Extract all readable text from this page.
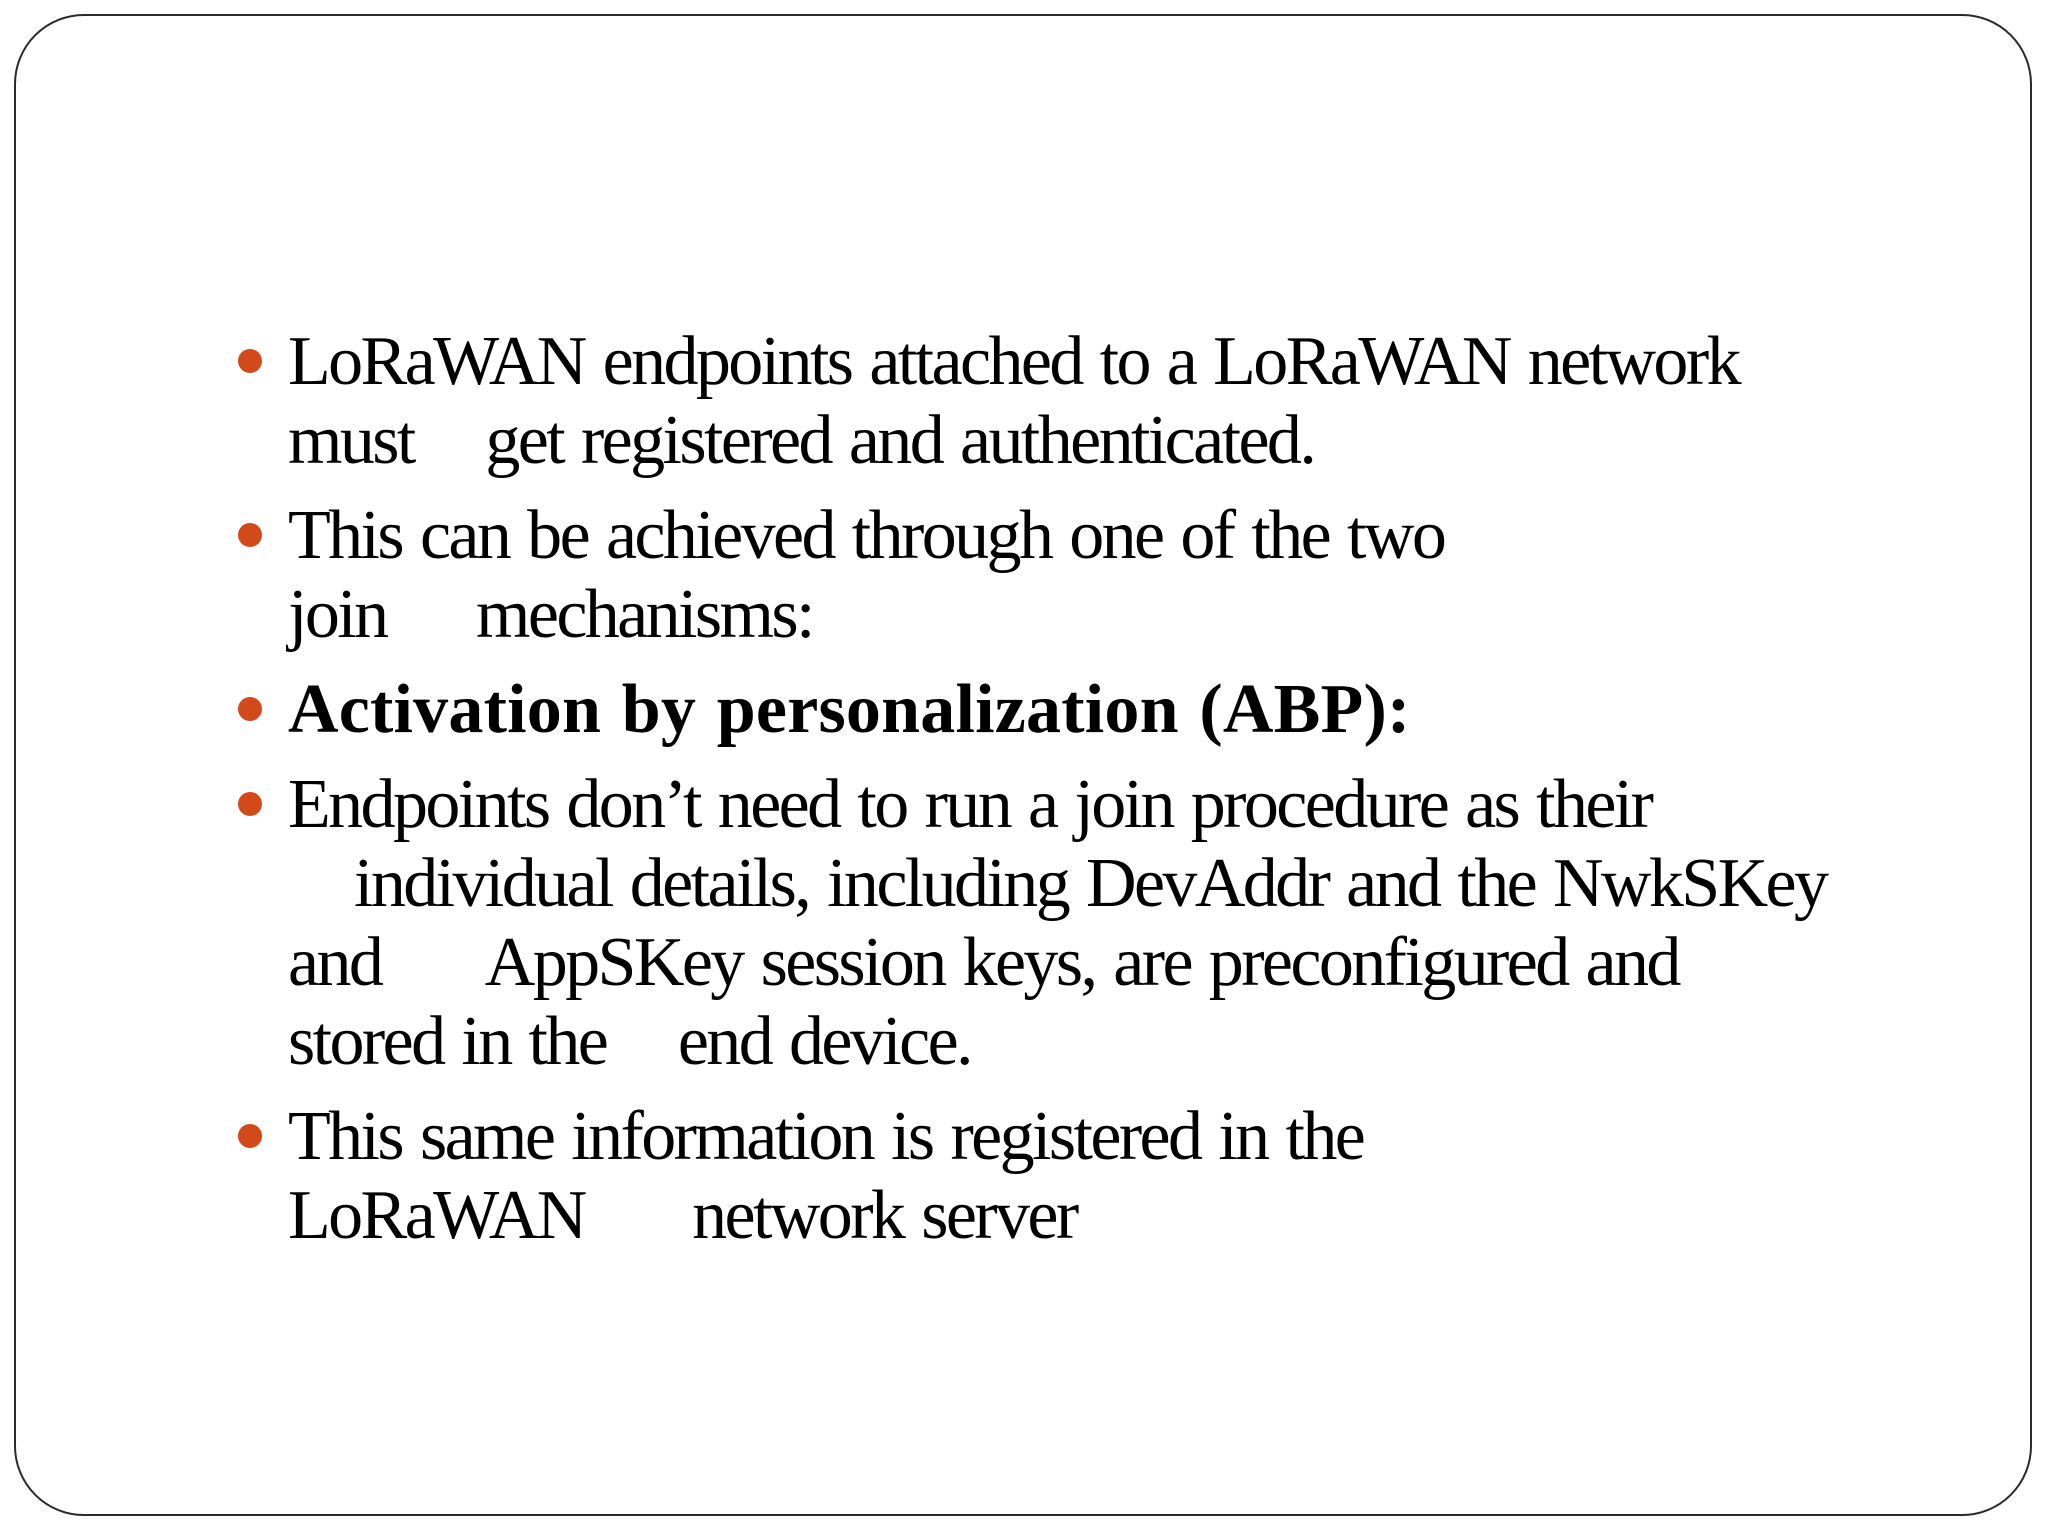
LoRaWAN endpoints attached to a LoRaWAN network
must    get registered and authenticated.
This can be achieved through one of the two
join     mechanisms:
Activation by personalization (ABP):
Endpoints don’t need to run a join procedure as their
individual details, including DevAddr and the NwkSKey
and      AppSKey session keys, are preconfigured and
stored in the    end device.
This same information is registered in the
LoRaWAN      network server
